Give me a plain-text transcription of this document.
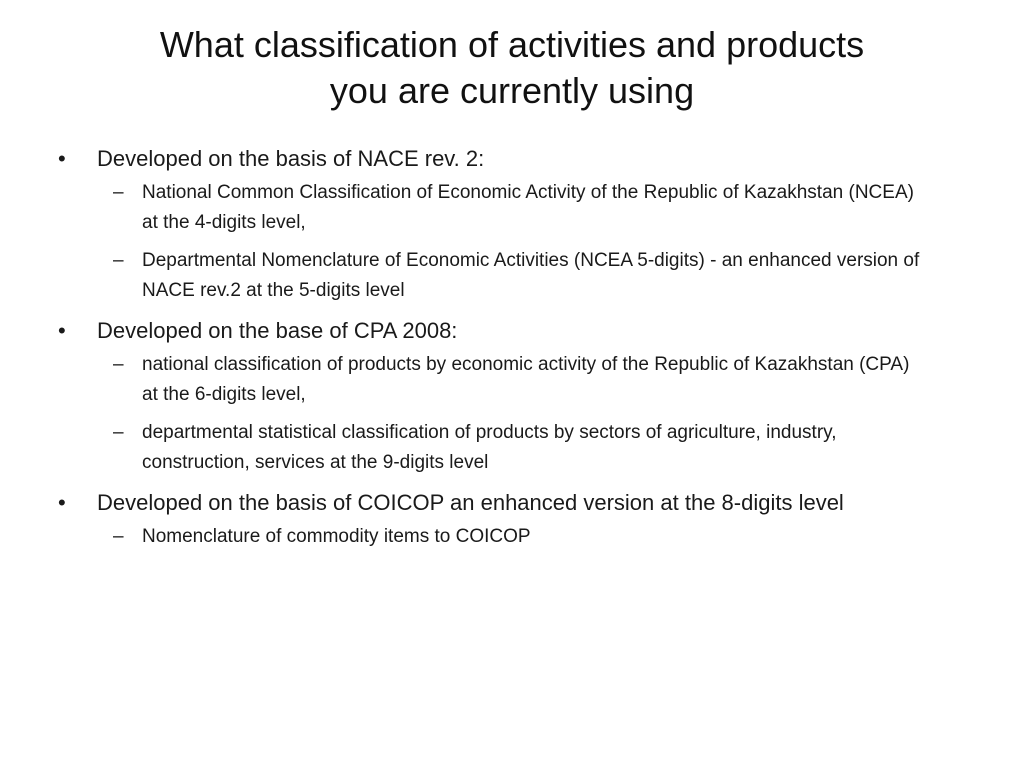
What classification of activities and products
you are currently using
•	Developed on the basis of NACE rev. 2:
– National Common Classification of Economic Activity of the Republic of Kazakhstan (NCEA) at the 4-digits level,
– Departmental Nomenclature of Economic Activities (NCEA 5-digits) - an enhanced version of NACE rev.2 at the 5-digits level
•	Developed on the base of CPA 2008:
– national classification of products by economic activity of the Republic of Kazakhstan (CPA) at the 6-digits level,
– departmental statistical classification of products by sectors of agriculture, industry, construction, services at the 9-digits level
•	Developed on the basis of COICOP an enhanced version at the 8-digits level
– Nomenclature of commodity items to COICOP
